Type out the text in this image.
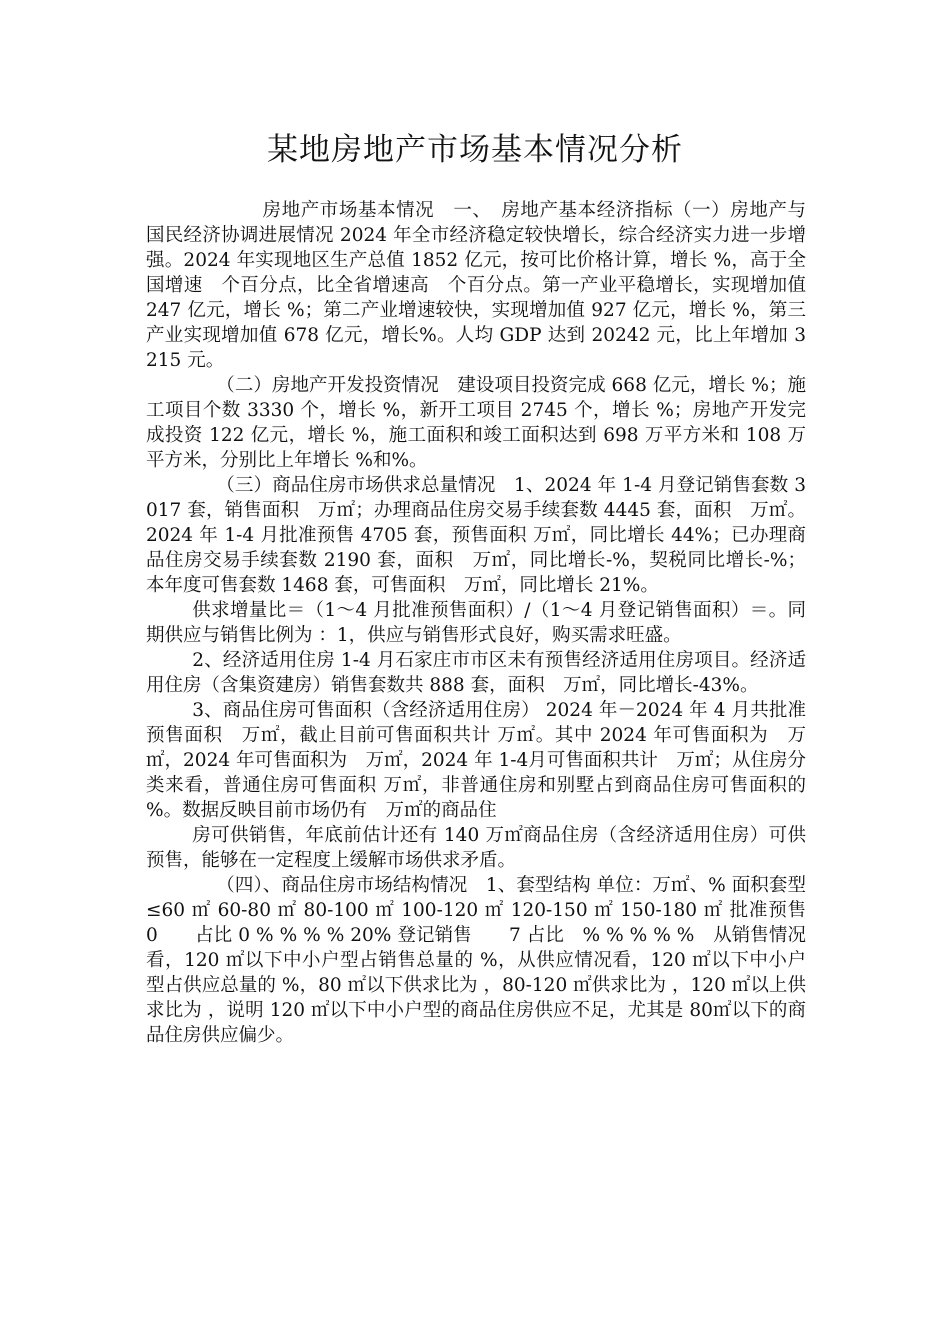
某地房地产市场基本情况分析

房地产市场基本情况　一、　房地产基本经济指标（一）房地产与国民经济协调进展情况 2024 年全市经济稳定较快增长，综合经济实力进一步增强。2024 年实现地区生产总值 1852 亿元，按可比价格计算，增长 %，高于全国增速　个百分点，比全省增速高　个百分点。第一产业平稳增长，实现增加值 247 亿元，增长 %；第二产业增速较快，实现增加值 927 亿元，增长 %，第三产业实现增加值 678 亿元，增长%。人均 GDP 达到 20242 元，比上年增加 3215 元。

（二）房地产开发投资情况　建设项目投资完成 668 亿元，增长 %；施工项目个数 3330 个，增长 %，新开工项目 2745 个，增长 %；房地产开发完成投资 122 亿元，增长 %，施工面积和竣工面积达到 698 万平方米和 108 万平方米，分别比上年增长 %和%。

（三）商品住房市场供求总量情况　1、2024 年 1-4 月登记销售套数 3017 套，销售面积　万㎡；办理商品住房交易手续套数 4445 套，面积　万㎡。2024 年 1-4 月批准预售 4705 套，预售面积 万㎡，同比增长 44%；已办理商品住房交易手续套数 2190 套，面积　万㎡，同比增长-%，契税同比增长-%；本年度可售套数 1468 套，可售面积　万㎡，同比增长 21%。

供求增量比＝（1～4 月批准预售面积）/（1～4 月登记销售面积）＝。同期供应与销售比例为 ：1，供应与销售形式良好，购买需求旺盛。

2、经济适用住房 1-4 月石家庄市市区未有预售经济适用住房项目。经济适用住房（含集资建房）销售套数共 888 套，面积　万㎡，同比增长-43%。

3、商品住房可售面积（含经济适用住房） 2024 年－2024 年 4 月共批准预售面积　万㎡，截止目前可售面积共计 万㎡。其中 2024 年可售面积为　万㎡，2024 年可售面积为　万㎡，2024 年 1-4月可售面积共计　万㎡；从住房分类来看，普通住房可售面积 万㎡，非普通住房和别墅占到商品住房可售面积的 %。数据反映目前市场仍有　万㎡的商品住

房可供销售，年底前估计还有 140 万㎡商品住房（含经济适用住房）可供预售，能够在一定程度上缓解市场供求矛盾。

（四）、商品住房市场结构情况　1、套型结构 单位：万㎡、% 面积套型 ≤60 ㎡ 60-80 ㎡ 80-100 ㎡ 100-120 ㎡ 120-150 ㎡ 150-180 ㎡ 批准预售 0　　占比 0 % % % % 20% 登记销售　　7 占比　% % % % %　从销售情况看，120 ㎡以下中小户型占销售总量的 %，从供应情况看，120 ㎡以下中小户型占供应总量的 %，80 ㎡以下供求比为 ，80-120 ㎡供求比为 ，120 ㎡以上供求比为 ，说明 120 ㎡以下中小户型的商品住房供应不足，尤其是 80㎡以下的商品住房供应偏少。
